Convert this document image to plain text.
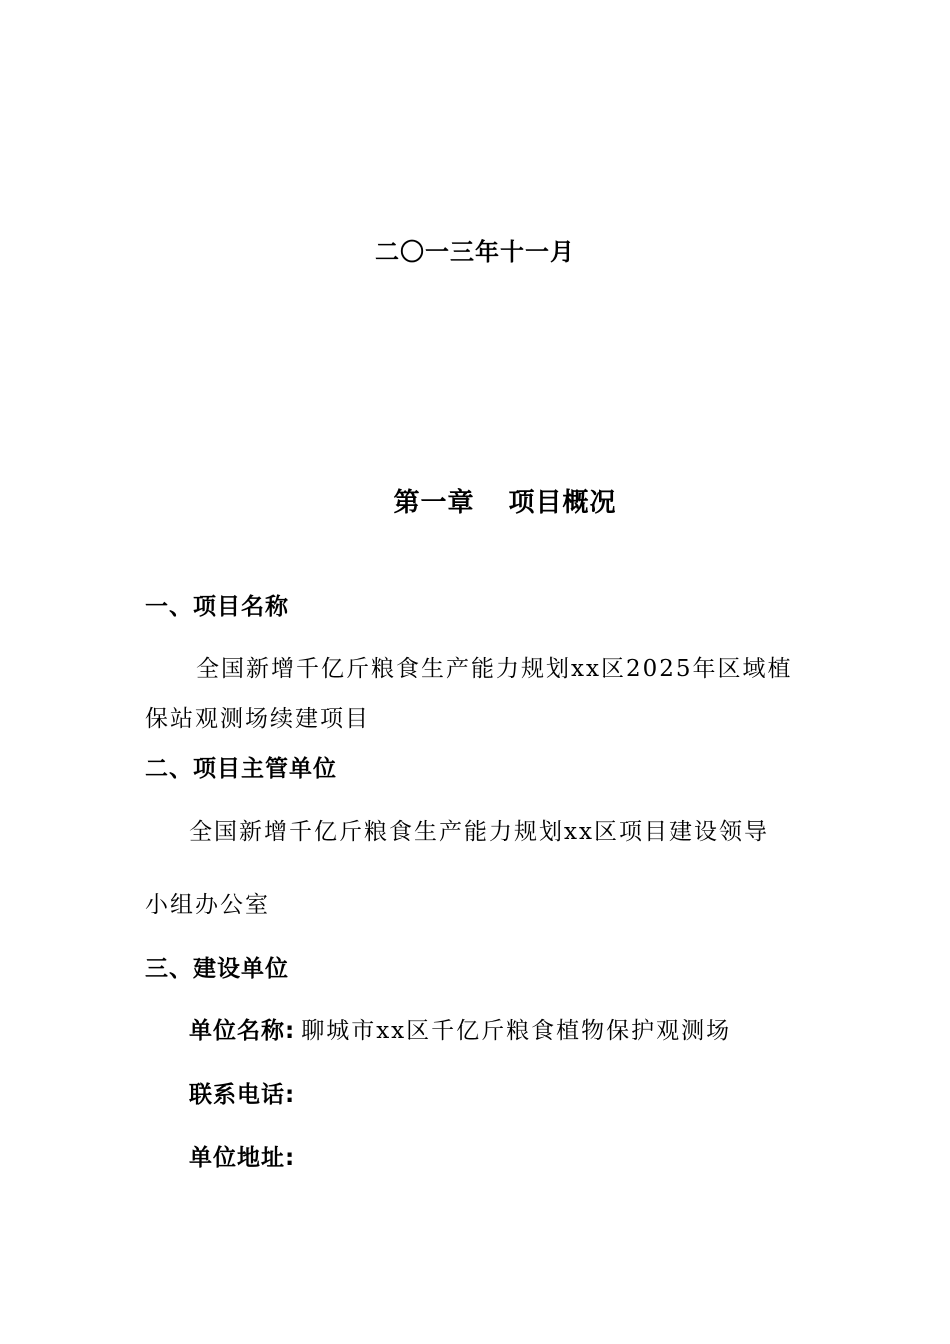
二〇一三年十一月
第一章 项目概况
一、项目名称
全国新增千亿斤粮食生产能力规划xx区2025年区域植
保站观测场续建项目
二、项目主管单位
全国新增千亿斤粮食生产能力规划xx区项目建设领导
小组办公室
三、建设单位
单位名称: 聊城市xx区千亿斤粮食植物保护观测场
联系电话:
单位地址:
